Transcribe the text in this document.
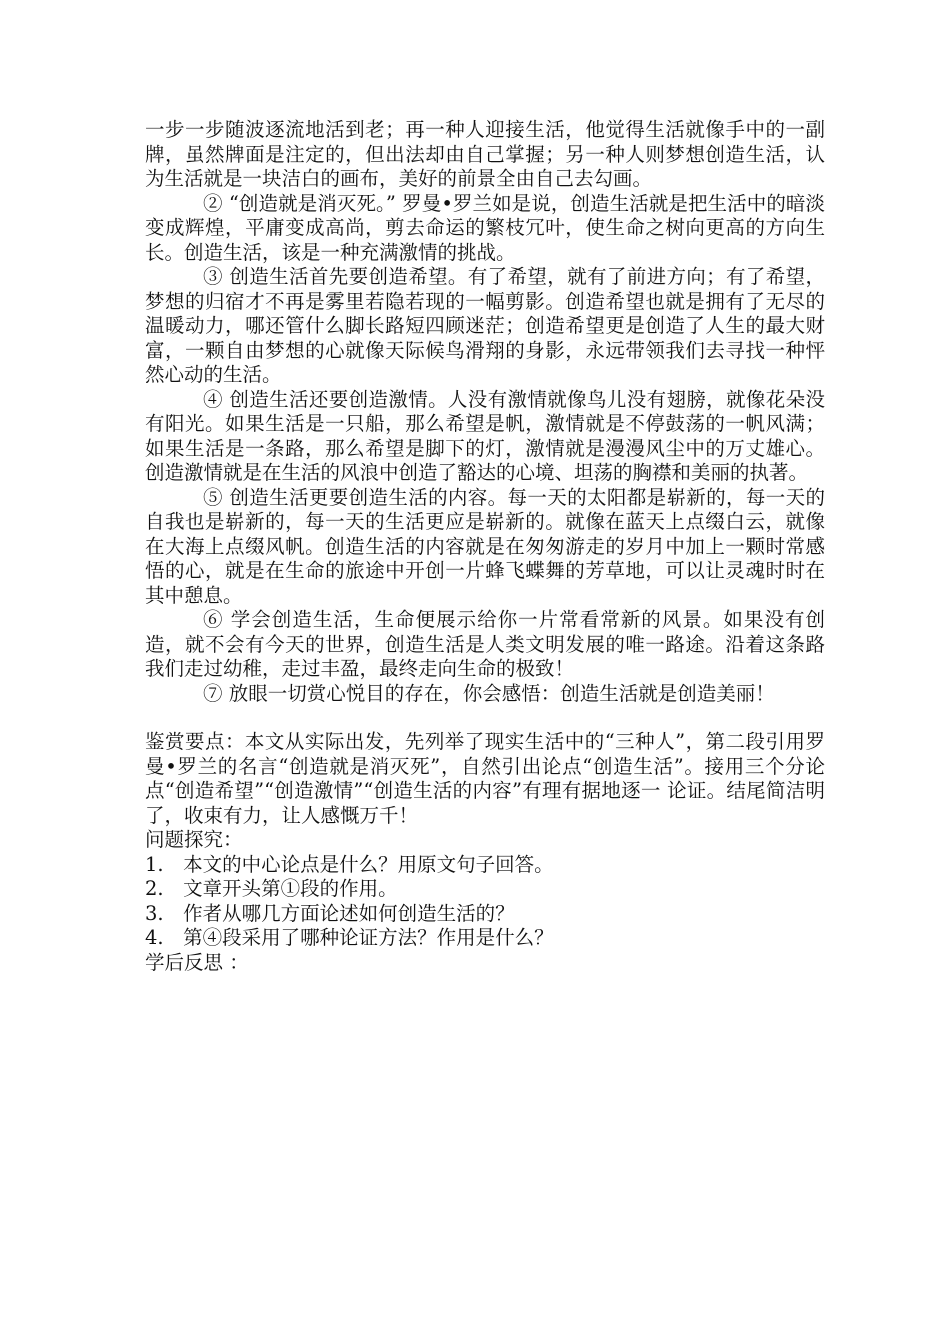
一步一步随波逐流地活到老；再一种人迎接生活，他觉得生活就像手中的一副牌，虽然牌面是注定的，但出法却由自己掌握；另一种人则梦想创造生活，认为生活就是一块洁白的画布，美好的前景全由自己去勾画。

② “创造就是消灭死。” 罗曼•罗兰如是说，创造生活就是把生活中的暗淡变成辉煌，平庸变成高尚，剪去命运的繁枝冗叶，使生命之树向更高的方向生长。创造生活，该是一种充满激情的挑战。

③ 创造生活首先要创造希望。有了希望，就有了前进方向；有了希望，梦想的归宿才不再是雾里若隐若现的一幅剪影。创造希望也就是拥有了无尽的温暖动力，哪还管什么脚长路短四顾迷茫；创造希望更是创造了人生的最大财富，一颗自由梦想的心就像天际候鸟滑翔的身影，永远带领我们去寻找一种怦然心动的生活。

④ 创造生活还要创造激情。人没有激情就像鸟儿没有翅膀，就像花朵没有阳光。如果生活是一只船，那么希望是帆，激情就是不停鼓荡的一帆风满；如果生活是一条路，那么希望是脚下的灯，激情就是漫漫风尘中的万丈雄心。创造激情就是在生活的风浪中创造了豁达的心境、坦荡的胸襟和美丽的执著。

⑤ 创造生活更要创造生活的内容。每一天的太阳都是崭新的，每一天的自我也是崭新的，每一天的生活更应是崭新的。就像在蓝天上点缀白云，就像在大海上点缀风帆。创造生活的内容就是在匆匆游走的岁月中加上一颗时常感悟的心，就是在生命的旅途中开创一片蜂飞蝶舞的芳草地，可以让灵魂时时在其中憩息。

⑥ 学会创造生活，生命便展示给你一片常看常新的风景。如果没有创造，就不会有今天的世界，创造生活是人类文明发展的唯一路途。沿着这条路我们走过幼稚，走过丰盈，最终走向生命的极致！

⑦ 放眼一切赏心悦目的存在，你会感悟：创造生活就是创造美丽！

鉴赏要点：本文从实际出发，先列举了现实生活中的“三种人”，第二段引用罗曼•罗兰的名言“创造就是消灭死”，自然引出论点“创造生活”。接用三个分论点“创造希望”“创造激情”“创造生活的内容”有理有据地逐一 论证。结尾简洁明了，收束有力，让人感慨万千！

问题探究：

1.　本文的中心论点是什么？用原文句子回答。

2.　文章开头第①段的作用。

3.　作者从哪几方面论述如何创造生活的？

4.　第④段采用了哪种论证方法？作用是什么？

学后反思 ：
